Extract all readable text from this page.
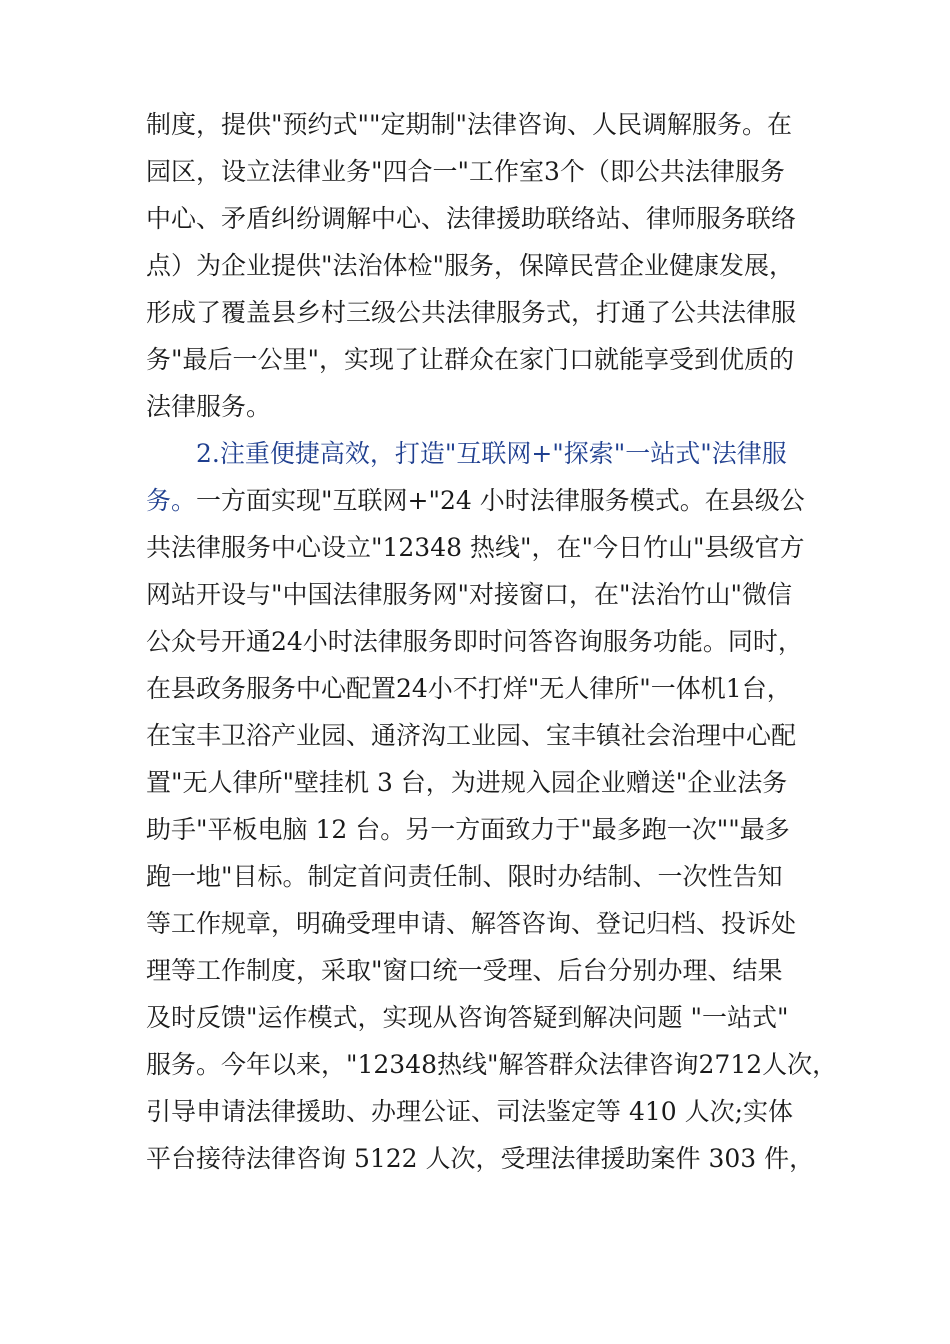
制度，提供"预约式""定期制"法律咨询、人民调解服务。在
园区，设立法律业务"四合一"工作室3个（即公共法律服务
中心、矛盾纠纷调解中心、法律援助联络站、律师服务联络
点）为企业提供"法治体检"服务，保障民营企业健康发展，
形成了覆盖县乡村三级公共法律服务式，打通了公共法律服
务"最后一公里"，实现了让群众在家门口就能享受到优质的
法律服务。
2.注重便捷高效，打造"互联网+"探索"一站式"法律服
务。一方面实现"互联网+"24 小时法律服务模式。在县级公
共法律服务中心设立"12348 热线"，在"今日竹山"县级官方
网站开设与"中国法律服务网"对接窗口，在"法治竹山"微信
公众号开通24小时法律服务即时问答咨询服务功能。同时，
在县政务服务中心配置24小不打烊"无人律所"一体机1台，
在宝丰卫浴产业园、通济沟工业园、宝丰镇社会治理中心配
置"无人律所"壁挂机 3 台，为进规入园企业赠送"企业法务
助手"平板电脑 12 台。另一方面致力于"最多跑一次""最多
跑一地"目标。制定首问责任制、限时办结制、一次性告知
等工作规章，明确受理申请、解答咨询、登记归档、投诉处
理等工作制度，采取"窗口统一受理、后台分别办理、结果
及时反馈"运作模式，实现从咨询答疑到解决问题 "一站式"
服务。今年以来，"12348热线"解答群众法律咨询2712人次，
引导申请法律援助、办理公证、司法鉴定等 410 人次;实体
平台接待法律咨询 5122 人次，受理法律援助案件 303 件，
